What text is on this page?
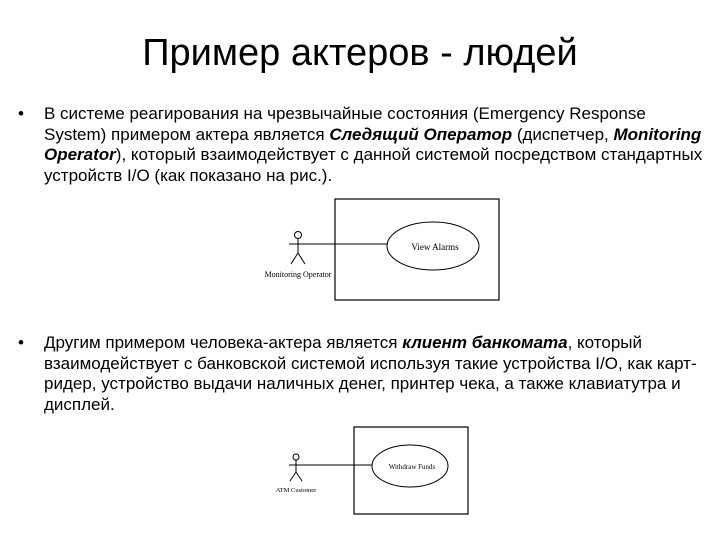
Пример актеров - людей
• В системе реагирования на чрезвычайные состояния (Emergency Response System) примером актера является Следящий Оператор (диспетчер, Monitoring Operator), который взаимодействует с данной системой посредством стандартных устройств I/O (как показано на рис.).
View Alarms
Monitoring Operator
• Другим примером человека-актера является клиент банкомата, который взаимодействует с банковской системой используя такие устройства I/O, как карт-ридер, устройство выдачи наличных денег, принтер чека, а также клавиатутра и дисплей.
Withdraw Funds
ATM Customer
